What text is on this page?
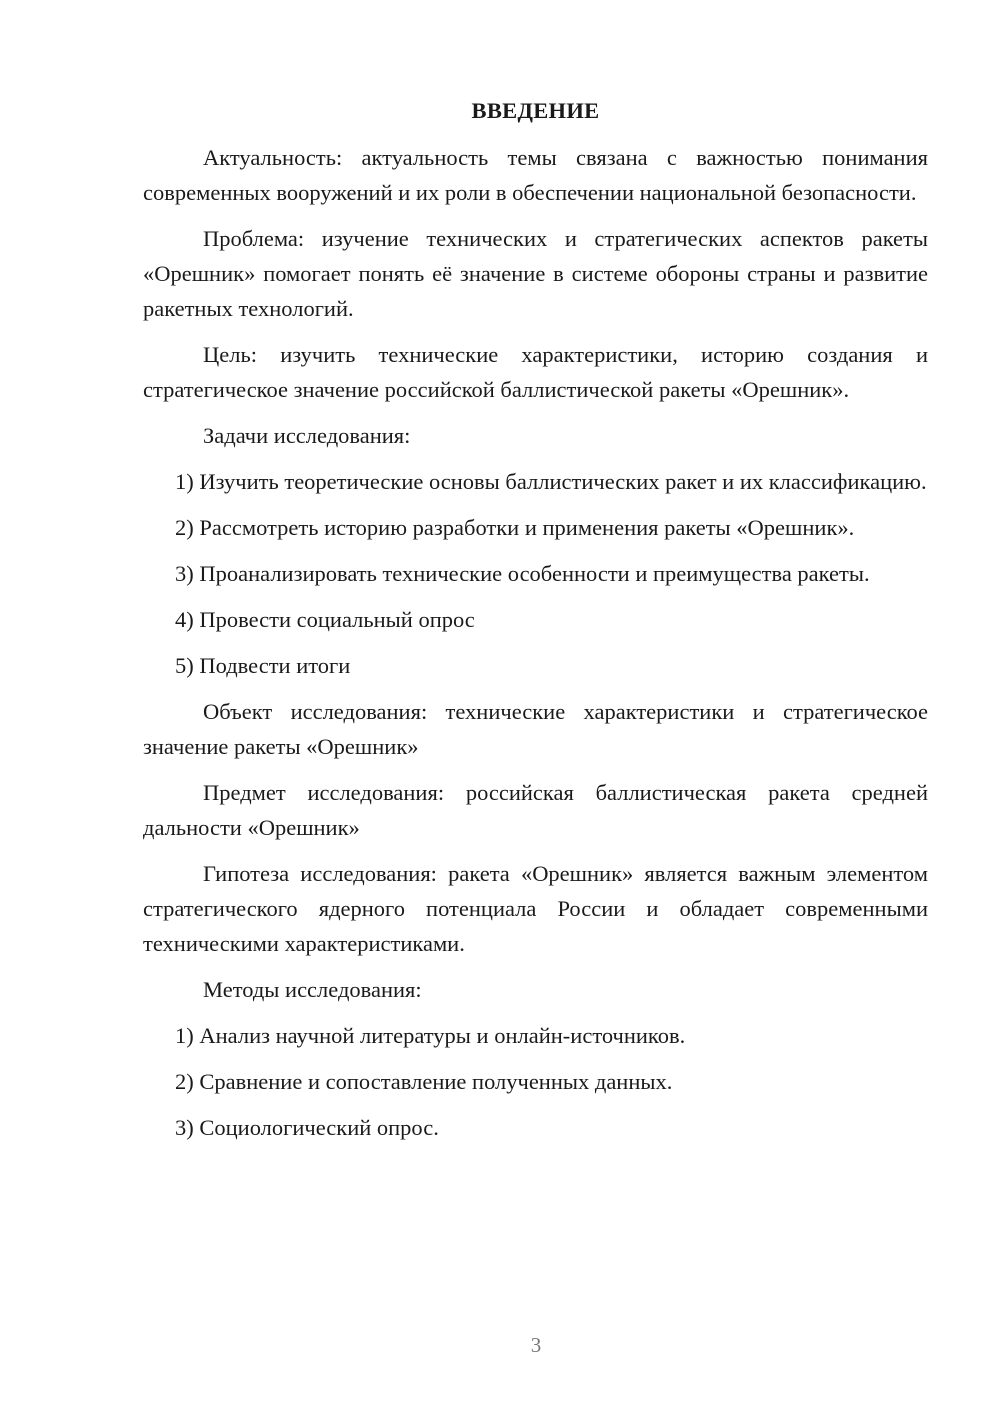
ВВЕДЕНИЕ

Актуальность: актуальность темы связана с важностью понимания современных вооружений и их роли в обеспечении национальной безопасности.

Проблема: изучение технических и стратегических аспектов ракеты «Орешник» помогает понять её значение в системе обороны страны и развитие ракетных технологий.

Цель: изучить технические характеристики, историю создания и стратегическое значение российской баллистической ракеты «Орешник».

Задачи исследования:

1) Изучить теоретические основы баллистических ракет и их классификацию.

2) Рассмотреть историю разработки и применения ракеты «Орешник».

3) Проанализировать технические особенности и преимущества ракеты.

4) Провести социальный опрос

5) Подвести итоги

Объект исследования: технические характеристики и стратегическое значение ракеты «Орешник»

Предмет исследования: российская баллистическая ракета средней дальности «Орешник»

Гипотеза исследования: ракета «Орешник» является важным элементом стратегического ядерного потенциала России и обладает современными техническими характеристиками.

Методы исследования:

1) Анализ научной литературы и онлайн-источников.

2) Сравнение и сопоставление полученных данных.

3) Социологический опрос.

3
